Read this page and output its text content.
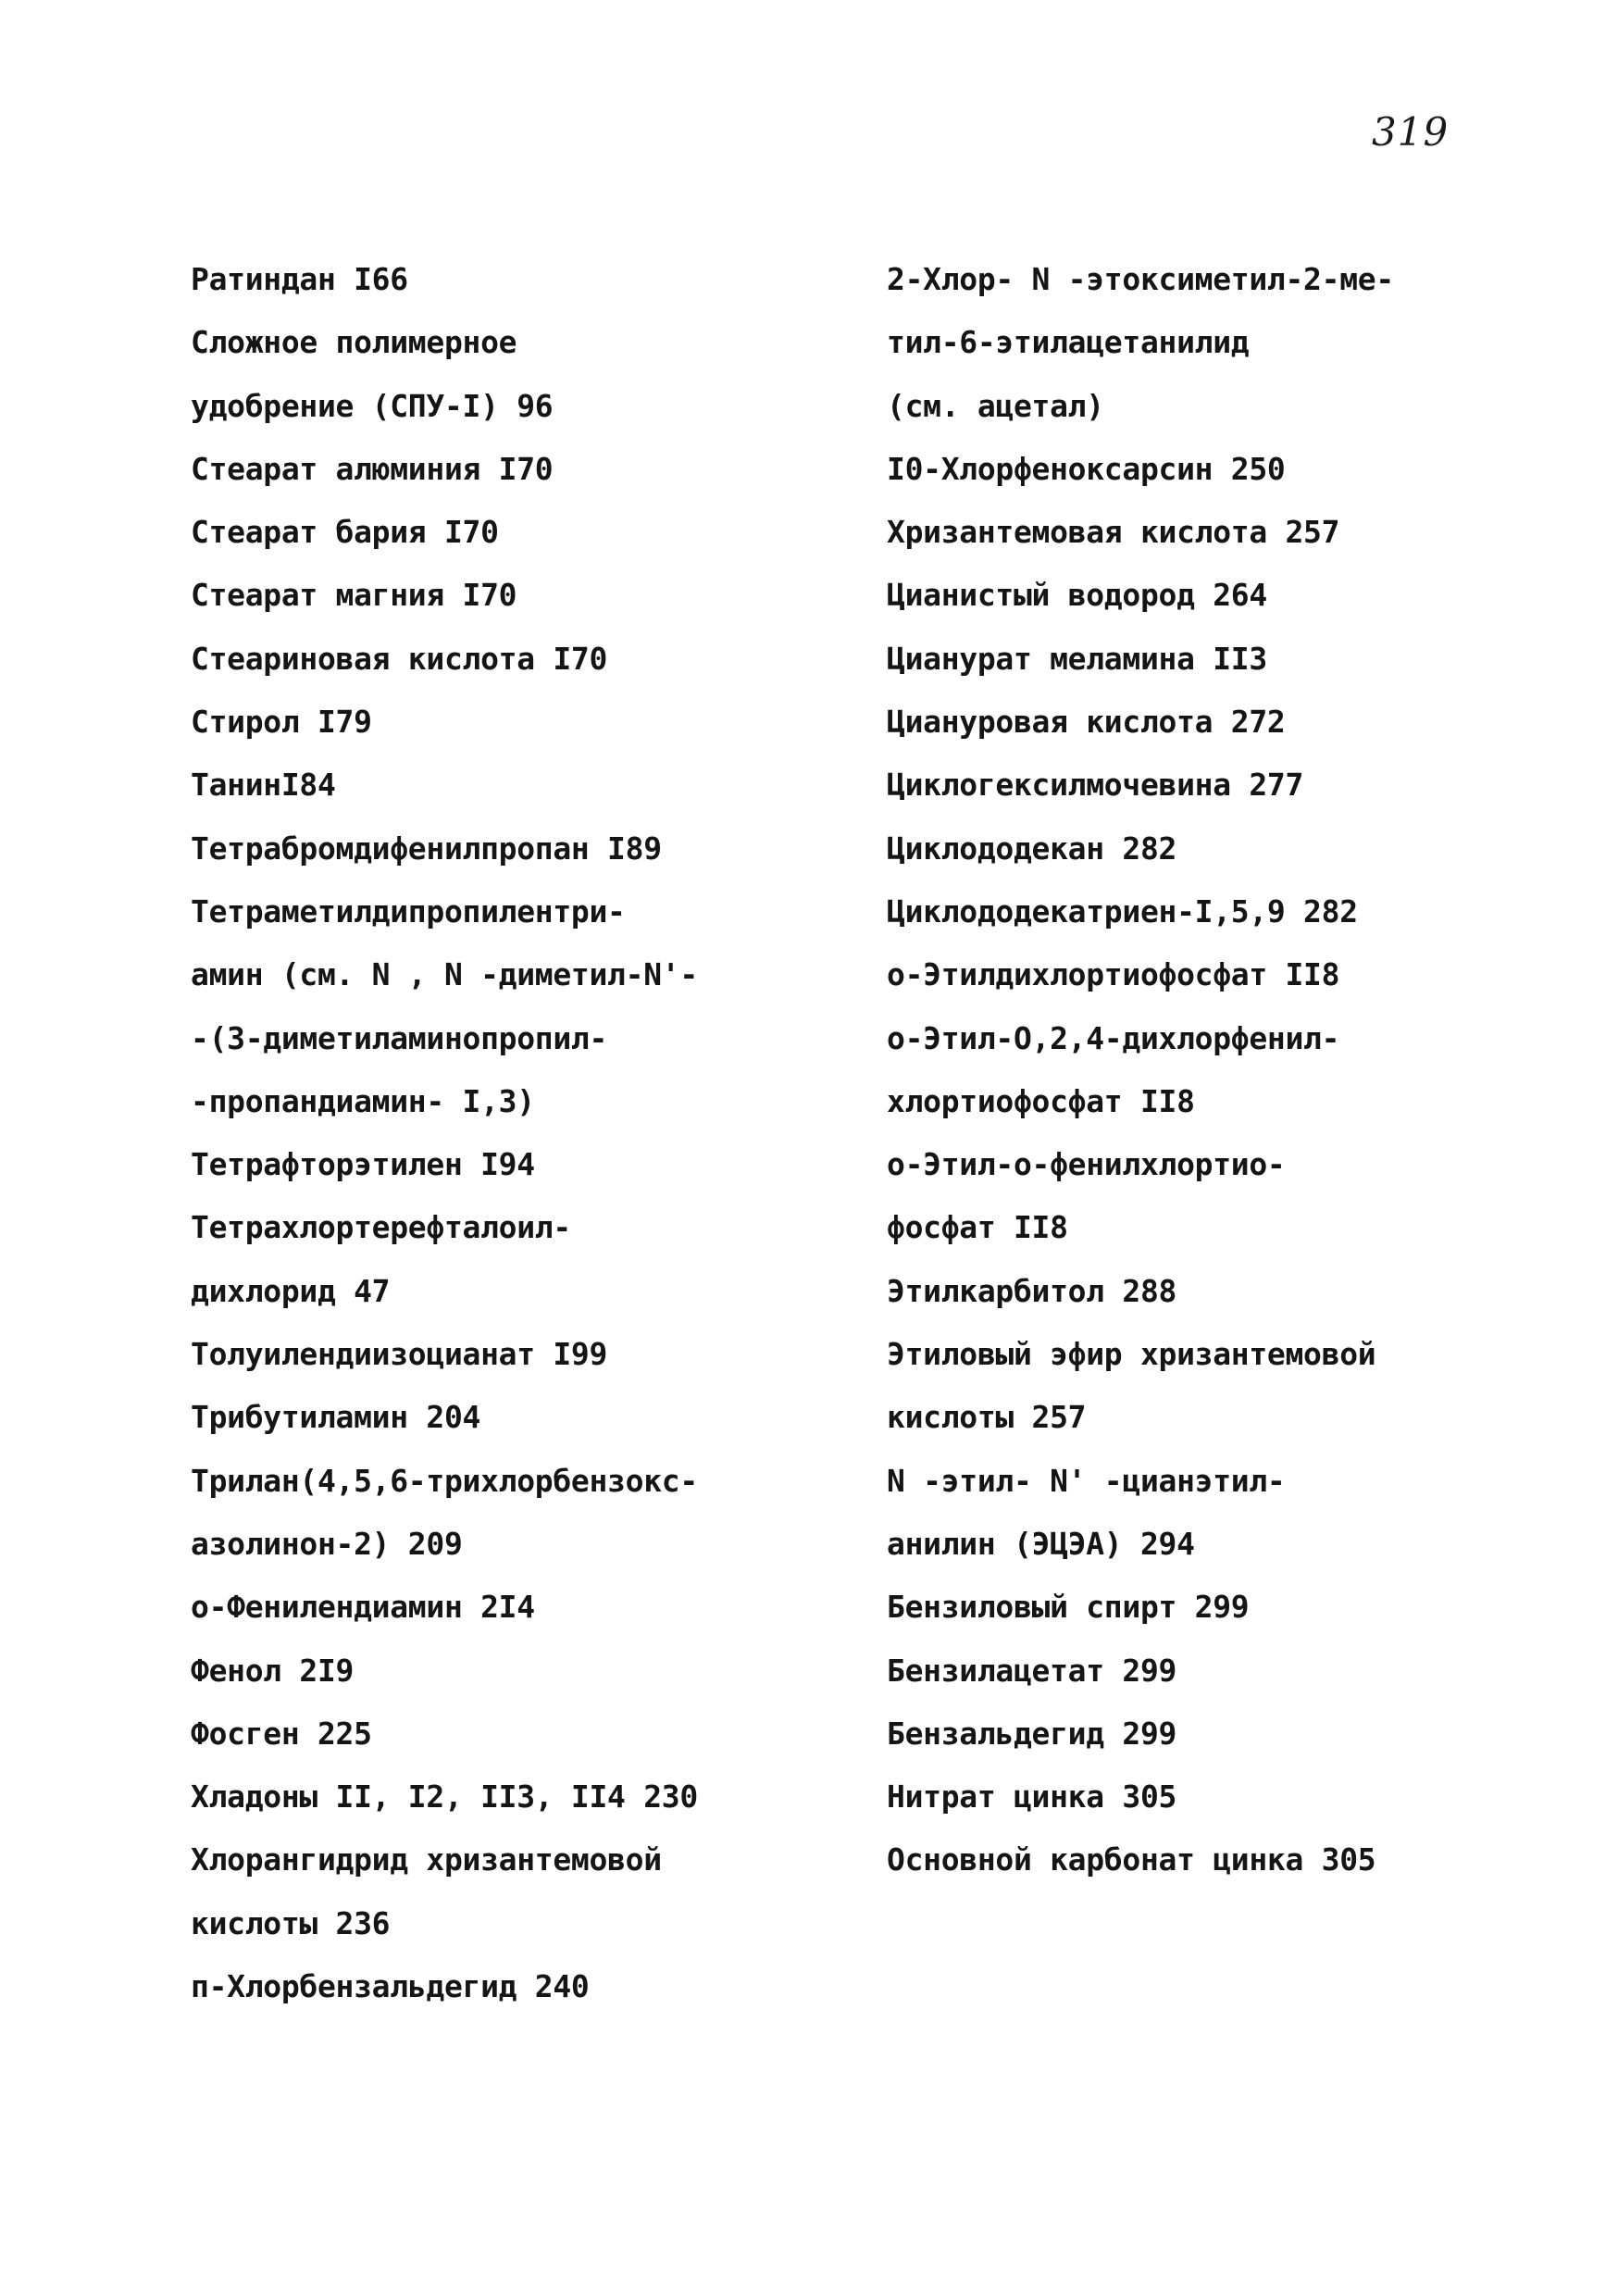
319
Ратиндан I66
Сложное полимерное
удобрение (СПУ-I) 96
Стеарат алюминия I70
Стеарат бария I70
Стеарат магния I70
Стеариновая кислота I70
Стирол I79
ТанинI84
Тетрабромдифенилпропан I89
Тетраметилдипропилентри-
амин (см. N , N -диметил-N'-
-(3-диметиламинопропил-
-пропандиамин- I,3)
Тетрафторэтилен I94
Тетрахлортерефталоил-
дихлорид 47
Толуилендиизоцианат I99
Трибутиламин 204
Трилан(4,5,6-трихлорбензокс-
азолинон-2) 209
о-Фенилендиамин 2I4
Фенол 2I9
Фосген 225
Хладоны II, I2, II3, II4 230
Хлорангидрид хризантемовой
кислоты 236
п-Хлорбензальдегид 240
2-Хлор- N -этоксиметил-2-ме-
тил-6-этилацетанилид
(см. ацетал)
I0-Хлорфеноксарсин 250
Хризантемовая кислота 257
Цианистый водород 264
Цианурат меламина II3
Циануровая кислота 272
Циклогексилмочевина 277
Циклододекан 282
Циклододекатриен-I,5,9 282
о-Этилдихлортиофосфат II8
о-Этил-О,2,4-дихлорфенил-
хлортиофосфат II8
о-Этил-о-фенилхлортио-
фосфат II8
Этилкарбитол 288
Этиловый эфир хризантемовой
кислоты 257
N -этил- N' -цианэтил-
анилин (ЭЦЭА) 294
Бензиловый спирт 299
Бензилацетат 299
Бензальдегид 299
Нитрат цинка 305
Основной карбонат цинка 305
